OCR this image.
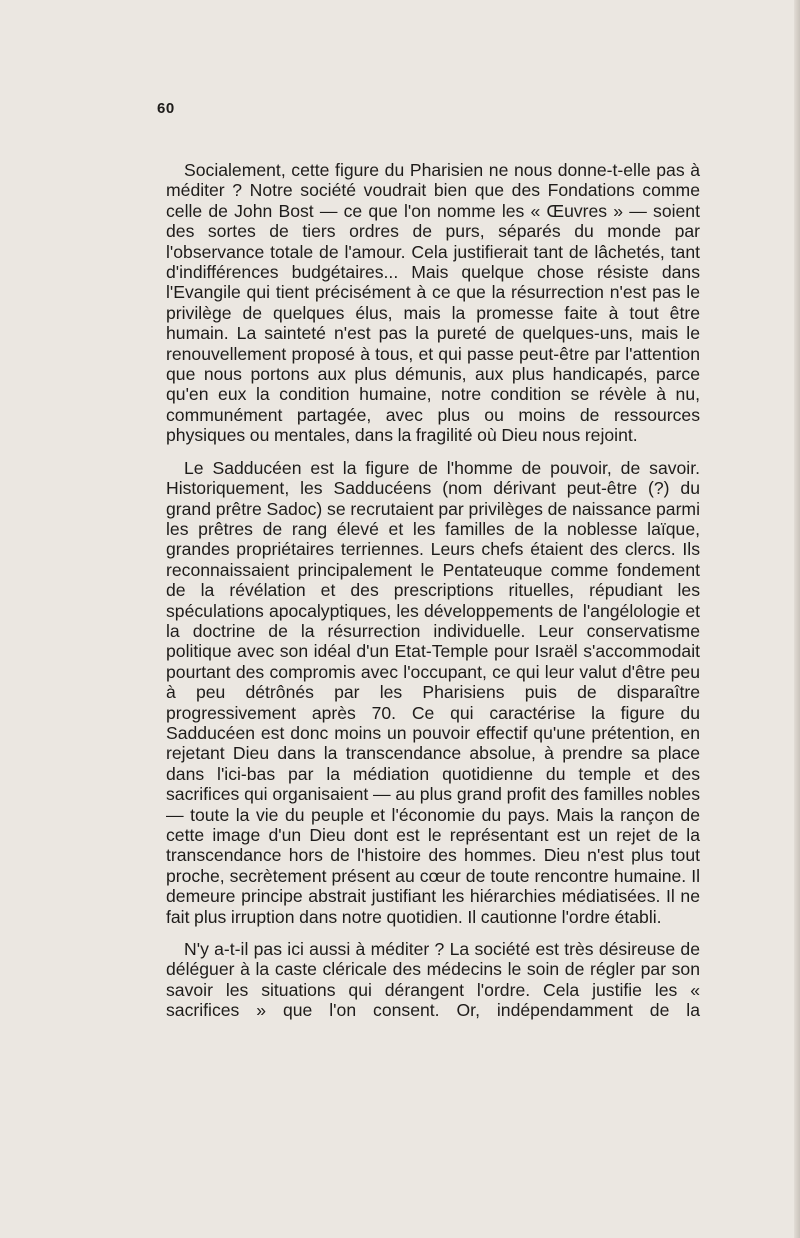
60

Socialement, cette figure du Pharisien ne nous donne-t-elle pas à méditer ? Notre société voudrait bien que des Fondations comme celle de John Bost — ce que l'on nomme les « Œuvres » — soient des sortes de tiers ordres de purs, séparés du monde par l'observance totale de l'amour. Cela justifierait tant de lâchetés, tant d'indifférences budgétaires... Mais quelque chose résiste dans l'Evangile qui tient précisément à ce que la résurrection n'est pas le privilège de quelques élus, mais la promesse faite à tout être humain. La sainteté n'est pas la pureté de quelques-uns, mais le renouvellement proposé à tous, et qui passe peut-être par l'attention que nous portons aux plus démunis, aux plus handicapés, parce qu'en eux la condition humaine, notre condition se révèle à nu, communément partagée, avec plus ou moins de ressources physiques ou mentales, dans la fragilité où Dieu nous rejoint.

Le Sadducéen est la figure de l'homme de pouvoir, de savoir. Historiquement, les Sadducéens (nom dérivant peut-être (?) du grand prêtre Sadoc) se recrutaient par privilèges de naissance parmi les prêtres de rang élevé et les familles de la noblesse laïque, grandes propriétaires terriennes. Leurs chefs étaient des clercs. Ils reconnaissaient principalement le Pentateuque comme fondement de la révélation et des prescriptions rituelles, répudiant les spéculations apocalyptiques, les développements de l'angélologie et la doctrine de la résurrection individuelle. Leur conservatisme politique avec son idéal d'un Etat-Temple pour Israël s'accommodait pourtant des compromis avec l'occupant, ce qui leur valut d'être peu à peu détrônés par les Pharisiens puis de disparaître progressivement après 70. Ce qui caractérise la figure du Sadducéen est donc moins un pouvoir effectif qu'une prétention, en rejetant Dieu dans la transcendance absolue, à prendre sa place dans l'ici-bas par la médiation quotidienne du temple et des sacrifices qui organisaient — au plus grand profit des familles nobles — toute la vie du peuple et l'économie du pays. Mais la rançon de cette image d'un Dieu dont est le représentant est un rejet de la transcendance hors de l'histoire des hommes. Dieu n'est plus tout proche, secrètement présent au cœur de toute rencontre humaine. Il demeure principe abstrait justifiant les hiérarchies médiatisées. Il ne fait plus irruption dans notre quotidien. Il cautionne l'ordre établi.

N'y a-t-il pas ici aussi à méditer ? La société est très désireuse de déléguer à la caste cléricale des médecins le soin de régler par son savoir les situations qui dérangent l'ordre. Cela justifie les « sacrifices » que l'on consent. Or, indépendamment de la
